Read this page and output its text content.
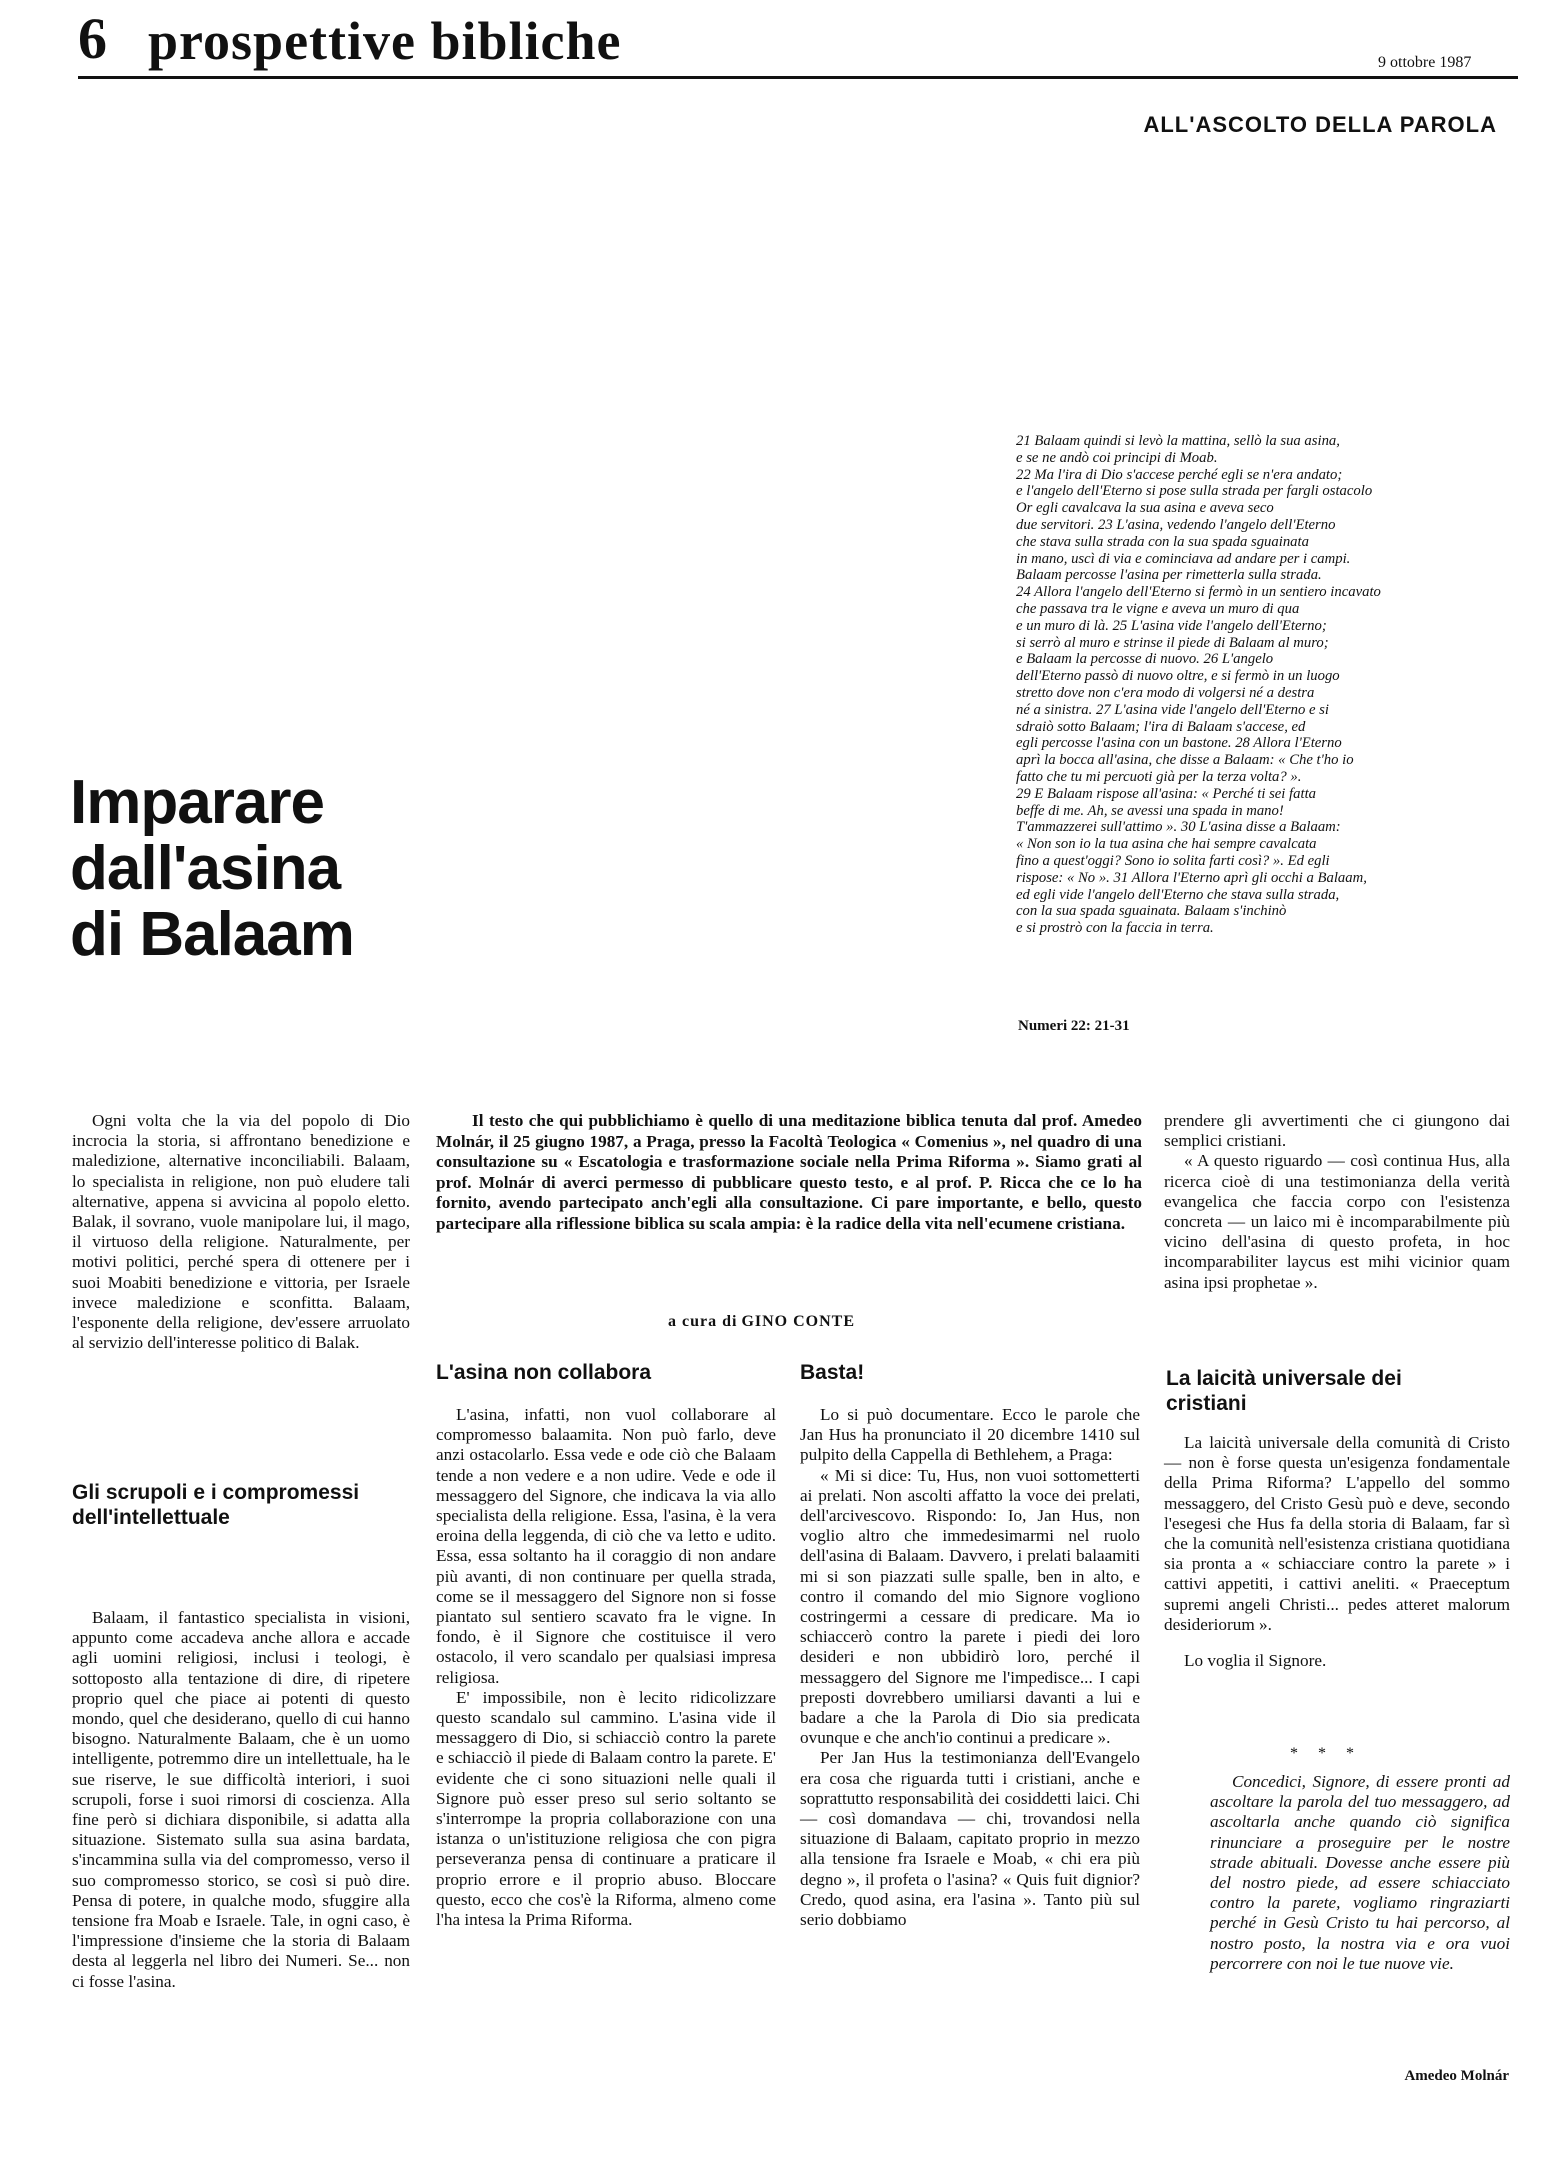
6 prospettive bibliche	9 ottobre 1987
ALL'ASCOLTO DELLA PAROLA
Imparare
dall'asina
di Balaam

21 Balaam quindi si levò la mattina, sellò la sua asina,

e se ne andò coi principi di Moab.

22 Ma l'ira di Dio s'accese perché egli se n'era andato;

e l'angelo dell'Eterno si pose sulla strada per fargli ostacolo

Or egli cavalcava la sua asina e aveva seco

due servitori. 23 L'asina, vedendo l'angelo dell'Eterno

che stava sulla strada con la sua spada sguainata

in mano, uscì di via e cominciava ad andare per i campi.

Balaam percosse l'asina per rimetterla sulla strada.

24 Allora l'angelo dell'Eterno si fermò in un sentiero incavato

che passava tra le vigne e aveva un muro di qua

e un muro di là. 25 L'asina vide l'angelo dell'Eterno;

si serrò al muro e strinse il piede di Balaam al muro;

e Balaam la percosse di nuovo. 26 L'angelo

dell'Eterno passò di nuovo oltre, e si fermò in un luogo

stretto dove non c'era modo di volgersi né a destra

né a sinistra. 27 L'asina vide l'angelo dell'Eterno e si

sdraiò sotto Balaam; l'ira di Balaam s'accese, ed

egli percosse l'asina con un bastone. 28 Allora l'Eterno

aprì la bocca all'asina, che disse a Balaam: « Che t'ho io

fatto che tu mi percuoti già per la terza volta? ».

29 E Balaam rispose all'asina: « Perché ti sei fatta

beffe di me. Ah, se avessi una spada in mano!

T'ammazzerei sull'attimo ». 30 L'asina disse a Balaam:

« Non son io la tua asina che hai sempre cavalcata

fino a quest'oggi? Sono io solita farti così? ». Ed egli

rispose: « No ». 31 Allora l'Eterno aprì gli occhi a Balaam,

ed egli vide l'angelo dell'Eterno che stava sulla strada,

con la sua spada sguainata. Balaam s'inchinò

e si prostrò con la faccia in terra.

Numeri 22: 21-31

Ogni volta che la via del popolo di Dio incrocia la storia, si affrontano benedizione e maledizione, alternative inconciliabili. Balaam, lo specialista in religione, non può eludere tali alternative, appena si avvicina al popolo eletto. Balak, il sovrano, vuole manipolare lui, il mago, il virtuoso della religione. Naturalmente, per motivi politici, perché spera di ottenere per i suoi Moabiti benedizione e vittoria, per Israele invece maledizione e sconfitta. Balaam, l'esponente della religione, dev'essere arruolato al servizio dell'interesse politico di Balak.

Gli scrupoli e i compromessi dell'intellettuale

Balaam, il fantastico specialista in visioni, appunto come accadeva anche allora e accade agli uomini religiosi, inclusi i teologi, è sottoposto alla tentazione di dire, di ripetere proprio quel che piace ai potenti di questo mondo, quel che desiderano, quello di cui hanno bisogno. Naturalmente Balaam, che è un uomo intelligente, potremmo dire un intellettuale, ha le sue riserve, le sue difficoltà interiori, i suoi scrupoli, forse i suoi rimorsi di coscienza. Alla fine però si dichiara disponibile, si adatta alla situazione. Sistemato sulla sua asina bardata, s'incammina sulla via del compromesso, verso il suo compromesso storico, se così si può dire. Pensa di potere, in qualche modo, sfuggire alla tensione fra Moab e Israele. Tale, in ogni caso, è l'impressione d'insieme che la storia di Balaam desta al leggerla nel libro dei Numeri. Se... non ci fosse l'asina.

Il testo che qui pubblichiamo è quello di una meditazione biblica tenuta dal prof. Amedeo Molnár, il 25 giugno 1987, a Praga, presso la Facoltà Teologica « Comenius », nel quadro di una consultazione su « Escatologia e trasformazione sociale nella Prima Riforma ». Siamo grati al prof. Molnár di averci permesso di pubblicare questo testo, e al prof. P. Ricca che ce lo ha fornito, avendo partecipato anch'egli alla consultazione. Ci pare importante, e bello, questo partecipare alla riflessione biblica su scala ampia: è la radice della vita nell'ecumene cristiana.

a cura di GINO CONTE
L'asina non collabora

L'asina, infatti, non vuol collaborare al compromesso balaamita. Non può farlo, deve anzi ostacolarlo. Essa vede e ode ciò che Balaam tende a non vedere e a non udire. Vede e ode il messaggero del Signore, che indicava la via allo specialista della religione. Essa, l'asina, è la vera eroina della leggenda, di ciò che va letto e udito. Essa, essa soltanto ha il coraggio di non andare più avanti, di non continuare per quella strada, come se il messaggero del Signore non si fosse piantato sul sentiero scavato fra le vigne. In fondo, è il Signore che costituisce il vero ostacolo, il vero scandalo per qualsiasi impresa religiosa.

E' impossibile, non è lecito ridicolizzare questo scandalo sul cammino. L'asina vide il messaggero di Dio, si schiacciò contro la parete e schiacciò il piede di Balaam contro la parete. E' evidente che ci sono situazioni nelle quali il Signore può esser preso sul serio soltanto se s'interrompe la propria collaborazione con una istanza o un'istituzione religiosa che con pigra perseveranza pensa di continuare a praticare il proprio errore e il proprio abuso. Bloccare questo, ecco che cos'è la Riforma, almeno come l'ha intesa la Prima Riforma.

Basta!

Lo si può documentare. Ecco le parole che Jan Hus ha pronunciato il 20 dicembre 1410 sul pulpito della Cappella di Bethlehem, a Praga:

« Mi si dice: Tu, Hus, non vuoi sottometterti ai prelati. Non ascolti affatto la voce dei prelati, dell'arcivescovo. Rispondo: Io, Jan Hus, non voglio altro che immedesimarmi nel ruolo dell'asina di Balaam. Davvero, i prelati balaamiti mi si son piazzati sulle spalle, ben in alto, e contro il comando del mio Signore vogliono costringermi a cessare di predicare. Ma io schiaccerò contro la parete i piedi dei loro desideri e non ubbidirò loro, perché il messaggero del Signore me l'impedisce... I capi preposti dovrebbero umiliarsi davanti a lui e badare a che la Parola di Dio sia predicata ovunque e che anch'io continui a predicare ».

Per Jan Hus la testimonianza dell'Evangelo era cosa che riguarda tutti i cristiani, anche e soprattutto responsabilità dei cosiddetti laici. Chi — così domandava — chi, trovandosi nella situazione di Balaam, capitato proprio in mezzo alla tensione fra Israele e Moab, « chi era più degno », il profeta o l'asina? « Quis fuit dignior? Credo, quod asina, era l'asina ». Tanto più sul serio dobbiamo

prendere gli avvertimenti che ci giungono dai semplici cristiani.

« A questo riguardo — così continua Hus, alla ricerca cioè di una testimonianza della verità evangelica che faccia corpo con l'esistenza concreta — un laico mi è incomparabilmente più vicino dell'asina di questo profeta, in hoc incomparabiliter laycus est mihi vicinior quam asina ipsi prophetae ».

La laicità universale dei cristiani

La laicità universale della comunità di Cristo — non è forse questa un'esigenza fondamentale della Prima Riforma? L'appello del sommo messaggero, del Cristo Gesù può e deve, secondo l'esegesi che Hus fa della storia di Balaam, far sì che la comunità nell'esistenza cristiana quotidiana sia pronta a « schiacciare contro la parete » i cattivi appetiti, i cattivi aneliti. « Praeceptum supremi angeli Christi... pedes atteret malorum desideriorum ».

Lo voglia il Signore.

* * *

Concedici, Signore, di essere pronti ad ascoltare la parola del tuo messaggero, ad ascoltarla anche quando ciò significa rinunciare a proseguire per le nostre strade abituali. Dovesse anche essere più del nostro piede, ad essere schiacciato contro la parete, vogliamo ringraziarti perché in Gesù Cristo tu hai percorso, al nostro posto, la nostra via e ora vuoi percorrere con noi le tue nuove vie.

Amedeo Molnár
